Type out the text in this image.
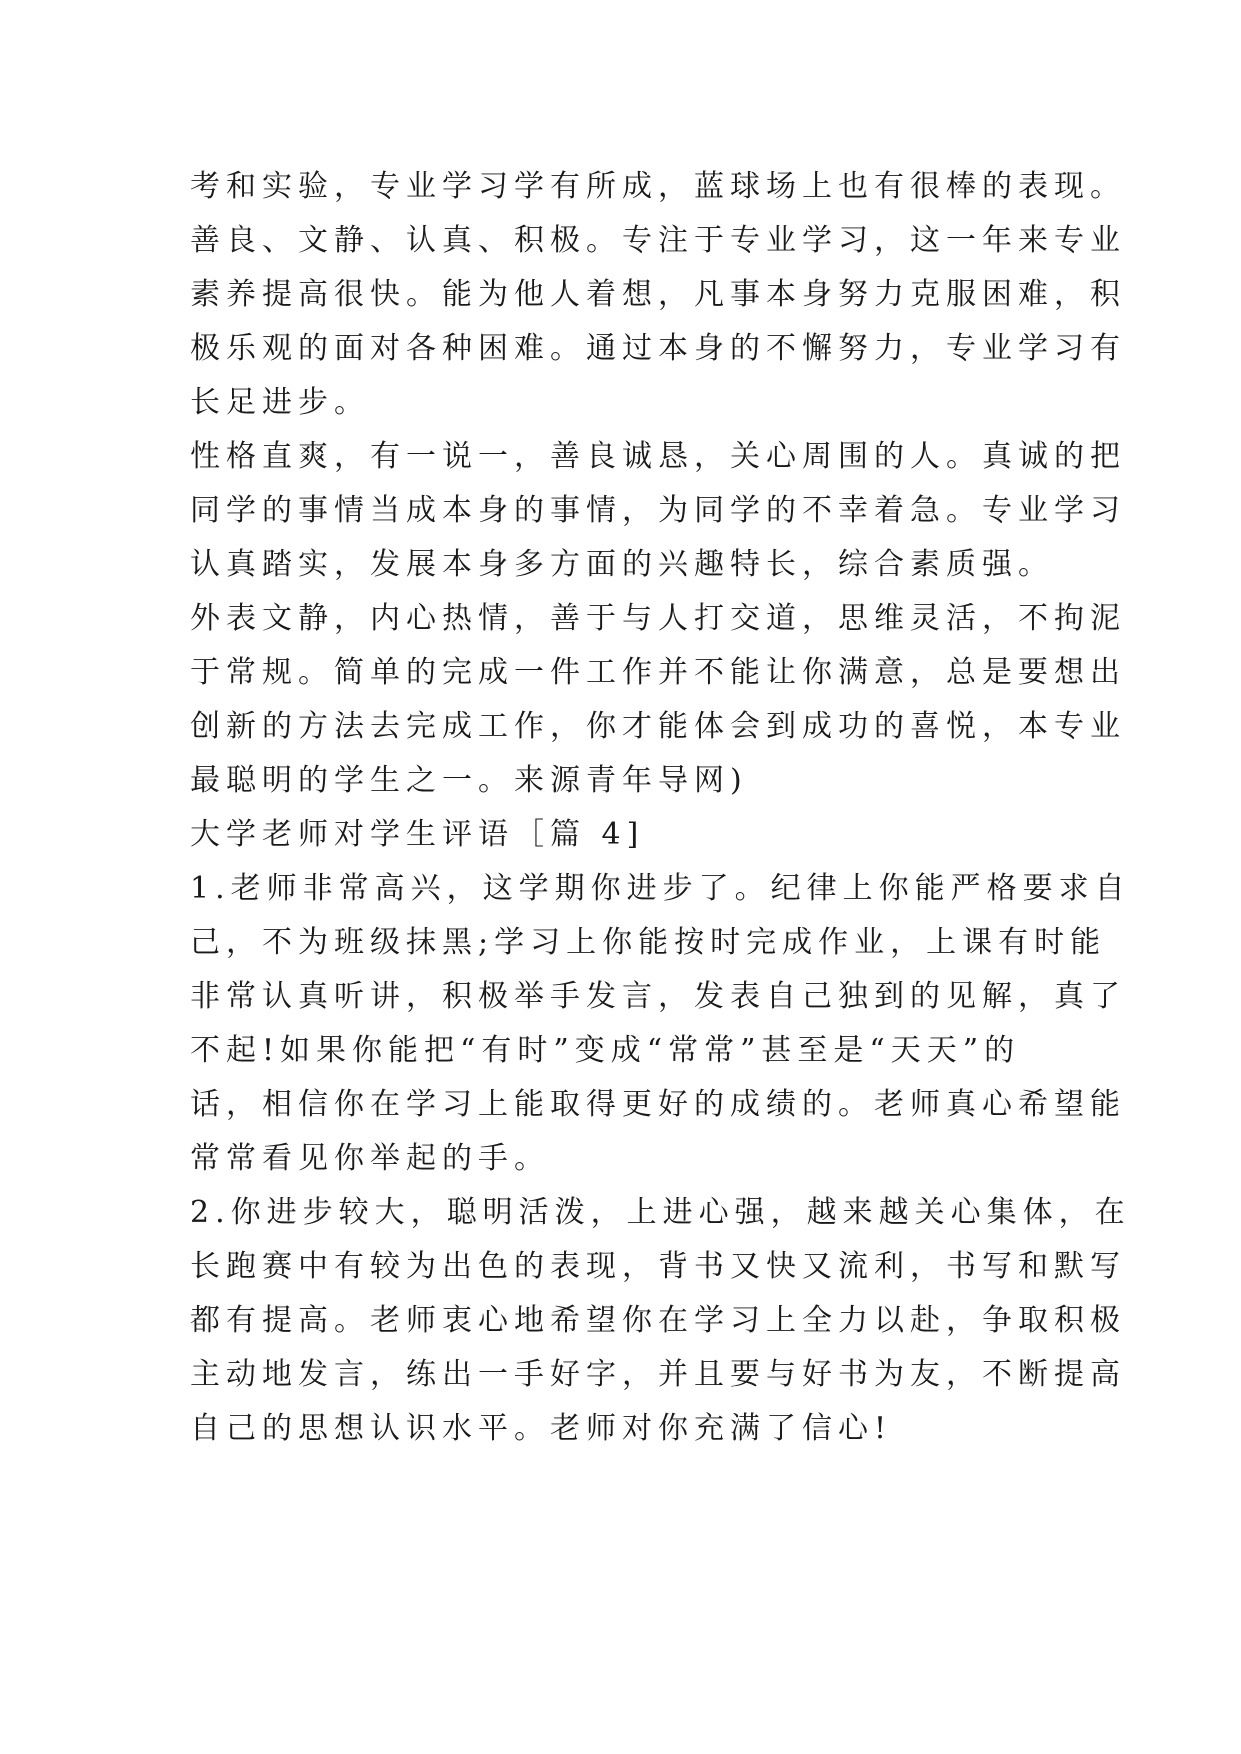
考和实验，专业学习学有所成，蓝球场上也有很棒的表现。
善良、文静、认真、积极。专注于专业学习，这一年来专业
素养提高很快。能为他人着想，凡事本身努力克服困难，积
极乐观的面对各种困难。通过本身的不懈努力，专业学习有
长足进步。
性格直爽，有一说一，善良诚恳，关心周围的人。真诚的把
同学的事情当成本身的事情，为同学的不幸着急。专业学习
认真踏实，发展本身多方面的兴趣特长，综合素质强。
外表文静，内心热情，善于与人打交道，思维灵活，不拘泥
于常规。简单的完成一件工作并不能让你满意，总是要想出
创新的方法去完成工作，你才能体会到成功的喜悦，本专业
最聪明的学生之一。来源青年导网)
大学老师对学生评语［篇 4]
1.老师非常高兴，这学期你进步了。纪律上你能严格要求自
己，不为班级抹黑;学习上你能按时完成作业，上课有时能
非常认真听讲，积极举手发言，发表自己独到的见解，真了
不起!如果你能把“有时”变成“常常”甚至是“天天”的
话，相信你在学习上能取得更好的成绩的。老师真心希望能
常常看见你举起的手。
2.你进步较大，聪明活泼，上进心强，越来越关心集体，在
长跑赛中有较为出色的表现，背书又快又流利，书写和默写
都有提高。老师衷心地希望你在学习上全力以赴，争取积极
主动地发言，练出一手好字，并且要与好书为友，不断提高
自己的思想认识水平。老师对你充满了信心!
